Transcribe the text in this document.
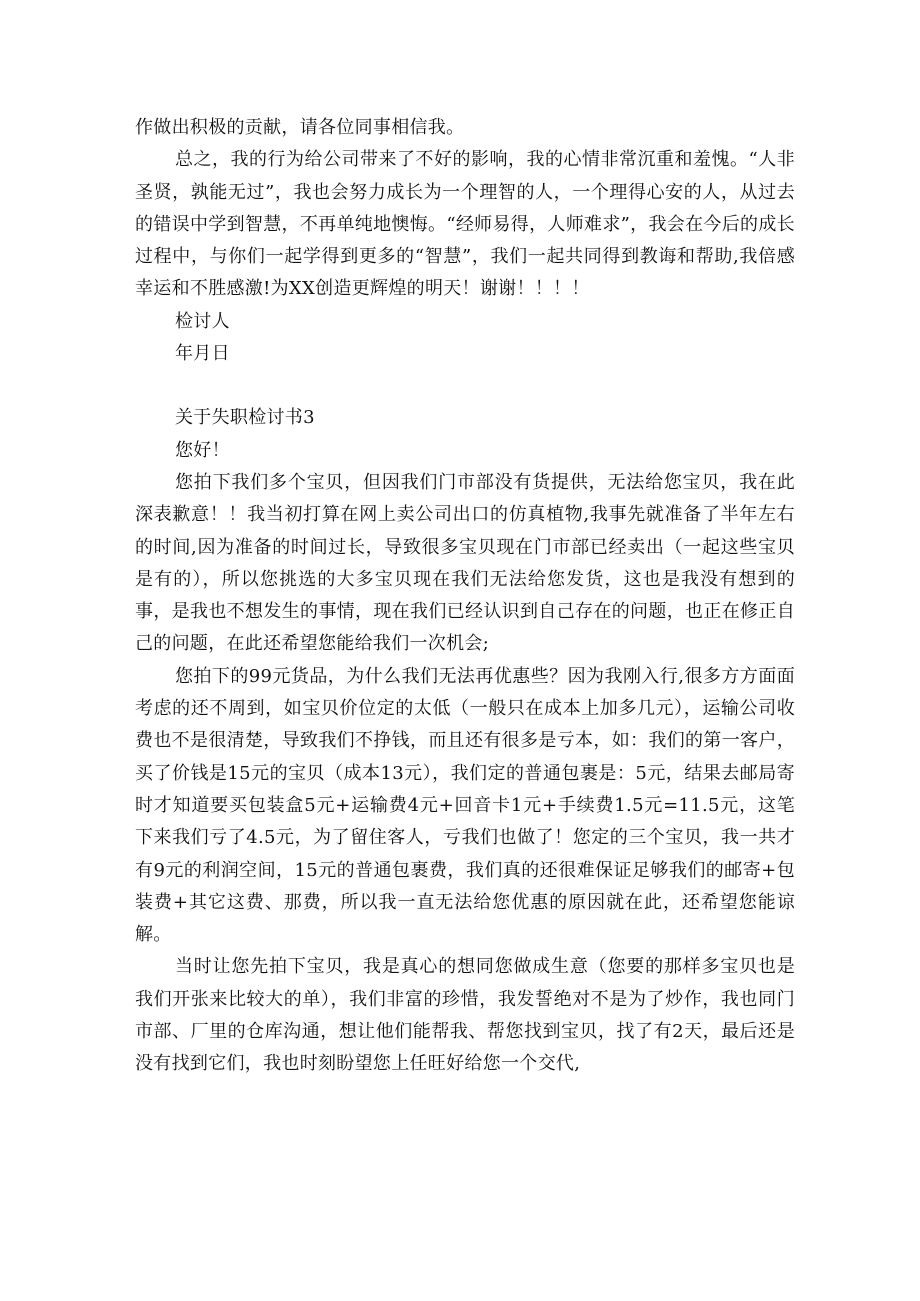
作做出积极的贡献，请各位同事相信我。

总之，我的行为给公司带来了不好的影响，我的心情非常沉重和羞愧。“人非圣贤，孰能无过”，我也会努力成长为一个理智的人，一个理得心安的人，从过去的错误中学到智慧，不再单纯地懊悔。“经师易得，人师难求”，我会在今后的成长过程中，与你们一起学得到更多的“智慧”，我们一起共同得到教诲和帮助,我倍感幸运和不胜感激!为XX创造更辉煌的明天！谢谢！！！！

检讨人

年月日

关于失职检讨书3

您好！

您拍下我们多个宝贝，但因我们门市部没有货提供，无法给您宝贝，我在此深表歉意！！我当初打算在网上卖公司出口的仿真植物,我事先就准备了半年左右的时间,因为准备的时间过长，导致很多宝贝现在门市部已经卖出（一起这些宝贝是有的），所以您挑选的大多宝贝现在我们无法给您发货，这也是我没有想到的事，是我也不想发生的事情，现在我们已经认识到自己存在的问题，也正在修正自己的问题，在此还希望您能给我们一次机会;

您拍下的99元货品，为什么我们无法再优惠些？因为我刚入行,很多方方面面考虑的还不周到，如宝贝价位定的太低（一般只在成本上加多几元），运输公司收费也不是很清楚，导致我们不挣钱，而且还有很多是亏本，如：我们的第一客户，买了价钱是15元的宝贝（成本13元），我们定的普通包裹是：5元，结果去邮局寄时才知道要买包装盒5元+运输费4元+回音卡1元+手续费1.5元=11.5元，这笔下来我们亏了4.5元，为了留住客人，亏我们也做了！您定的三个宝贝，我一共才有9元的利润空间，15元的普通包裹费，我们真的还很难保证足够我们的邮寄+包装费+其它这费、那费，所以我一直无法给您优惠的原因就在此，还希望您能谅解。

当时让您先拍下宝贝，我是真心的想同您做成生意（您要的那样多宝贝也是我们开张来比较大的单），我们非富的珍惜，我发誓绝对不是为了炒作，我也同门市部、厂里的仓库沟通，想让他们能帮我、帮您找到宝贝，找了有2天，最后还是没有找到它们，我也时刻盼望您上任旺好给您一个交代,
